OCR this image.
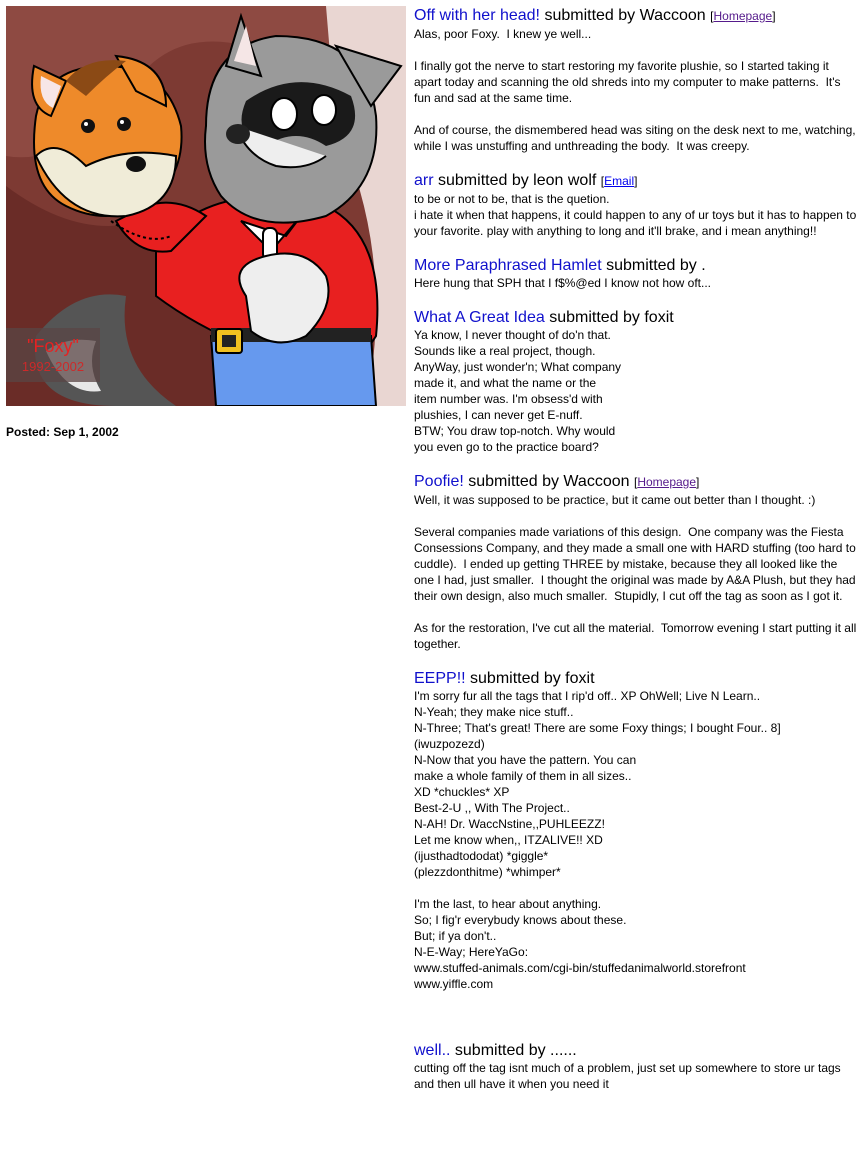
"Foxy"
1992-2002
Posted: Sep 1, 2002
Off with her head! submitted by Waccoon [Homepage]
Alas, poor Foxy.  I knew ye well...

I finally got the nerve to start restoring my favorite plushie, so I started taking it apart today and scanning the old shreds into my computer to make patterns.  It's fun and sad at the same time.

And of course, the dismembered head was siting on the desk next to me, watching, while I was unstuffing and unthreading the body.  It was creepy.
arr submitted by leon wolf [Email]
to be or not to be, that is the quetion.
i hate it when that happens, it could happen to any of ur toys but it has to happen to your favorite. play with anything to long and it'll brake, and i mean anything!!
More Paraphrased Hamlet submitted by .
Here hung that SPH that I f$%@ed I know not how oft...
What A Great Idea submitted by foxit
Ya know, I never thought of do'n that.
Sounds like a real project, though.
AnyWay, just wonder'n; What company
made it, and what the name or the
item number was. I'm obsess'd with
plushies, I can never get E-nuff.
BTW; You draw top-notch. Why would
you even go to the practice board?
Poofie! submitted by Waccoon [Homepage]
Well, it was supposed to be practice, but it came out better than I thought. :)

Several companies made variations of this design.  One company was the Fiesta Consessions Company, and they made a small one with HARD stuffing (too hard to cuddle).  I ended up getting THREE by mistake, because they all looked like the one I had, just smaller.  I thought the original was made by A&A Plush, but they had their own design, also much smaller.  Stupidly, I cut off the tag as soon as I got it.

As for the restoration, I've cut all the material.  Tomorrow evening I start putting it all together.
EEPP!! submitted by foxit
I'm sorry fur all the tags that I rip'd off.. XP OhWell; Live N Learn..
N-Yeah; they make nice stuff..
N-Three; That's great! There are some Foxy things; I bought Four.. 8]
(iwuzpozezd)
N-Now that you have the pattern. You can
make a whole family of them in all sizes..
XD *chuckles* XP
Best-2-U ,, With The Project..
N-AH! Dr. WaccNstine,,PUHLEEZZ!
Let me know when,, ITZALIVE!! XD
(ijusthadtododat) *giggle*
(plezzdonthitme) *whimper*

I'm the last, to hear about anything.
So; I fig'r everybudy knows about these.
But; if ya don't..
N-E-Way; HereYaGo:
www.stuffed-animals.com/cgi-bin/stuffedanimalworld.storefront
www.yiffle.com

well.. submitted by ......
cutting off the tag isnt much of a problem, just set up somewhere to store ur tags and then ull have it when you need it
